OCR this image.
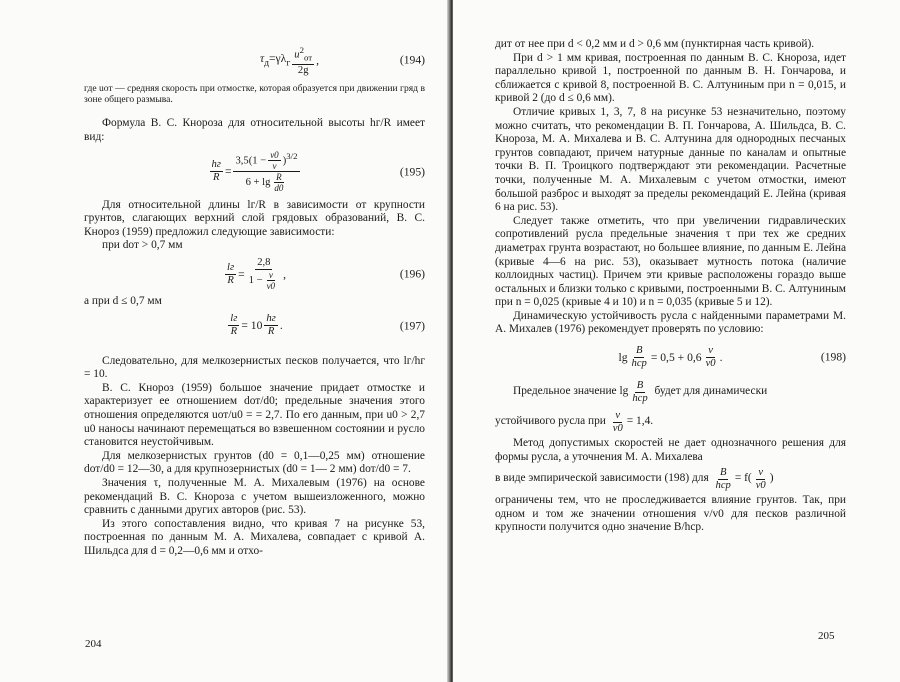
$\tau_д=\gamma\lambda_г \frac{u^2_{от}}{2g}$ ,	(194)

где uот — средняя скорость при отмостке, которая образуется при движении гряд в зоне общего размыва.

Формула В. С. Кнороза для относительной высоты hг/R имеет вид:

$\frac{hг}{R} = \frac{3,5(1 - \frac{v0}{v} )^{3/2}}{6 + \lg \frac{R}{d0}}$	(195)

Для относительной длины lг/R в зависимости от крупности грунтов, слагающих верхний слой грядовых образований, В. С. Кнороз (1959) предложил следующие зависимости:

при dот > 0,7 мм

$\frac{lг}{R} = \frac{2,8}{1 - \frac{v}{v0}}$ ,	(196)

а при d ≤ 0,7 мм

$\frac{lг}{R} = 10 \frac{hг}{R}$ .	(197)

Следовательно, для мелкозернистых песков получается, что lг/hг = 10.

В. С. Кнороз (1959) большое значение придает отмостке и характеризует ее отношением dот/d0; предельные значения этого отношения определяются uот/u0 = = 2,7. По его данным, при u0 > 2,7 u0 наносы начинают перемещаться во взвешенном состоянии и русло становится неустойчивым.

Для мелкозернистых грунтов (d0 = 0,1—0,25 мм) отношение dот/d0 = 12—30, а для крупнозернистых (d0 = 1— 2 мм) dот/d0 = 7.

Значения τ, полученные М. А. Михалевым (1976) на основе рекомендаций В. С. Кнороза с учетом вышеизложенного, можно сравнить с данными других авторов (рис. 53).

Из этого сопоставления видно, что кривая 7 на рисунке 53, построенная по данным М. А. Михалева, совпадает с кривой А. Шильдса для d = 0,2—0,6 мм и отхо-

дит от нее при d < 0,2 мм и d > 0,6 мм (пунктирная часть кривой).

При d > 1 мм кривая, построенная по данным В. С. Кнороза, идет параллельно кривой 1, построенной по данным В. Н. Гончарова, и сближается с кривой 8, построенной В. С. Алтуниным при n = 0,015, и кривой 2 (до d ≤ 0,6 мм).

Отличие кривых 1, 3, 7, 8 на рисунке 53 незначительно, поэтому можно считать, что рекомендации В. П. Гончарова, А. Шильдса, В. С. Кнороза, М. А. Михалева и В. С. Алтунина для однородных песчаных грунтов совпадают, причем натурные данные по каналам и опытные точки В. П. Троицкого подтверждают эти рекомендации. Расчетные точки, полученные М. А. Михалевым с учетом отмостки, имеют большой разброс и выходят за пределы рекомендаций Е. Лейна (кривая 6 на рис. 53).

Следует также отметить, что при увеличении гидравлических сопротивлений русла предельные значения τ при тех же средних диаметрах грунта возрастают, но большее влияние, по данным Е. Лейна (кривые 4—6 на рис. 53), оказывает мутность потока (наличие коллоидных частиц). Причем эти кривые расположены гораздо выше остальных и близки только с кривыми, построенными В. С. Алтуниным при n = 0,025 (кривые 4 и 10) и n = 0,035 (кривые 5 и 12).

Динамическую устойчивость русла с найденными параметрами М. А. Михалев (1976) рекомендует проверять по условию:

$\lg \frac{B}{\text{hср}} = 0,5 + 0,6 \frac{v}{v0}$ .	(198)
Предельное значение
$\lg \frac{B}{\text{hср}}$
будет для динамически
устойчивого русла при
$\frac{v}{v0} = 1,4$.

Метод допустимых скоростей не дает однозначного решения для формы русла, а уточнения М. А. Михалева

в виде эмпирической зависимости (198) для
$\frac{B}{\text{hср}} = f$ ( $\frac{v}{v0}$ )

ограничены тем, что не проследживается влияние грунтов. Так, при одном и том же значении отношения v/v0 для песков различной крупности получится одно значение B/hср.

204
205
